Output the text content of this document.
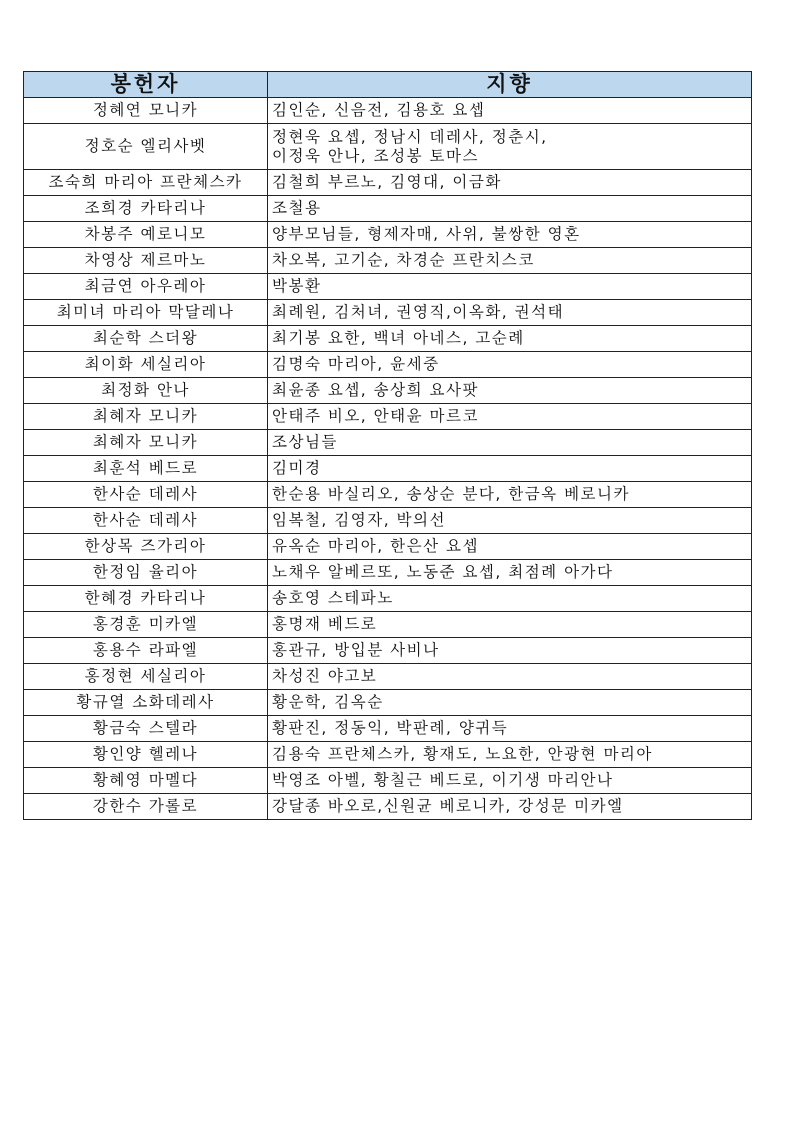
봉헌자	지향
정혜연 모니카	김인순, 신음전, 김용호 요셉

정호순 엘리사벳	정현욱 요셉, 정남시 데레사, 정춘시,
이정욱 안나, 조성봉 토마스

조숙희 마리아 프란체스카	김철희 부르노, 김영대, 이금화

조희경 카타리나	조철용

차봉주 예로니모	양부모님들, 형제자매, 사위, 불쌍한 영혼

차영상 제르마노	차오복, 고기순, 차경순 프란치스코

최금연 아우레아	박봉환

최미녀 마리아 막달레나	최례원, 김처녀, 권영직,이옥화, 권석태

최순학 스더왕	최기봉 요한, 백녀 아네스, 고순례

최이화 세실리아	김명숙 마리아, 윤세중

최정화 안나	최윤종 요셉, 송상희 요사팟

최혜자 모니카	안태주 비오, 안태윤 마르코

최혜자 모니카	조상님들

최훈석 베드로	김미경

한사순 데레사	한순용 바실리오, 송상순 분다, 한금옥 베로니카

한사순 데레사	임복철, 김영자, 박의선

한상목 즈가리아	유옥순 마리아, 한은산 요셉

한정임 율리아	노채우 알베르또, 노동준 요셉, 최점례 아가다

한혜경 카타리나	송호영 스테파노

홍경훈 미카엘	홍명재 베드로

홍용수 라파엘	홍관규, 방입분 사비나

홍정현 세실리아	차성진 야고보

황규열 소화데레사	황운학, 김옥순

황금숙 스텔라	황판진, 정동익, 박판례, 양귀득

황인양 헬레나	김용숙 프란체스카, 황재도, 노요한, 안광현 마리아

황혜영 마멜다	박영조 아벨, 황칠근 베드로, 이기생 마리안나

강한수 가롤로	강달종 바오로,신원균 베로니카, 강성문 미카엘
